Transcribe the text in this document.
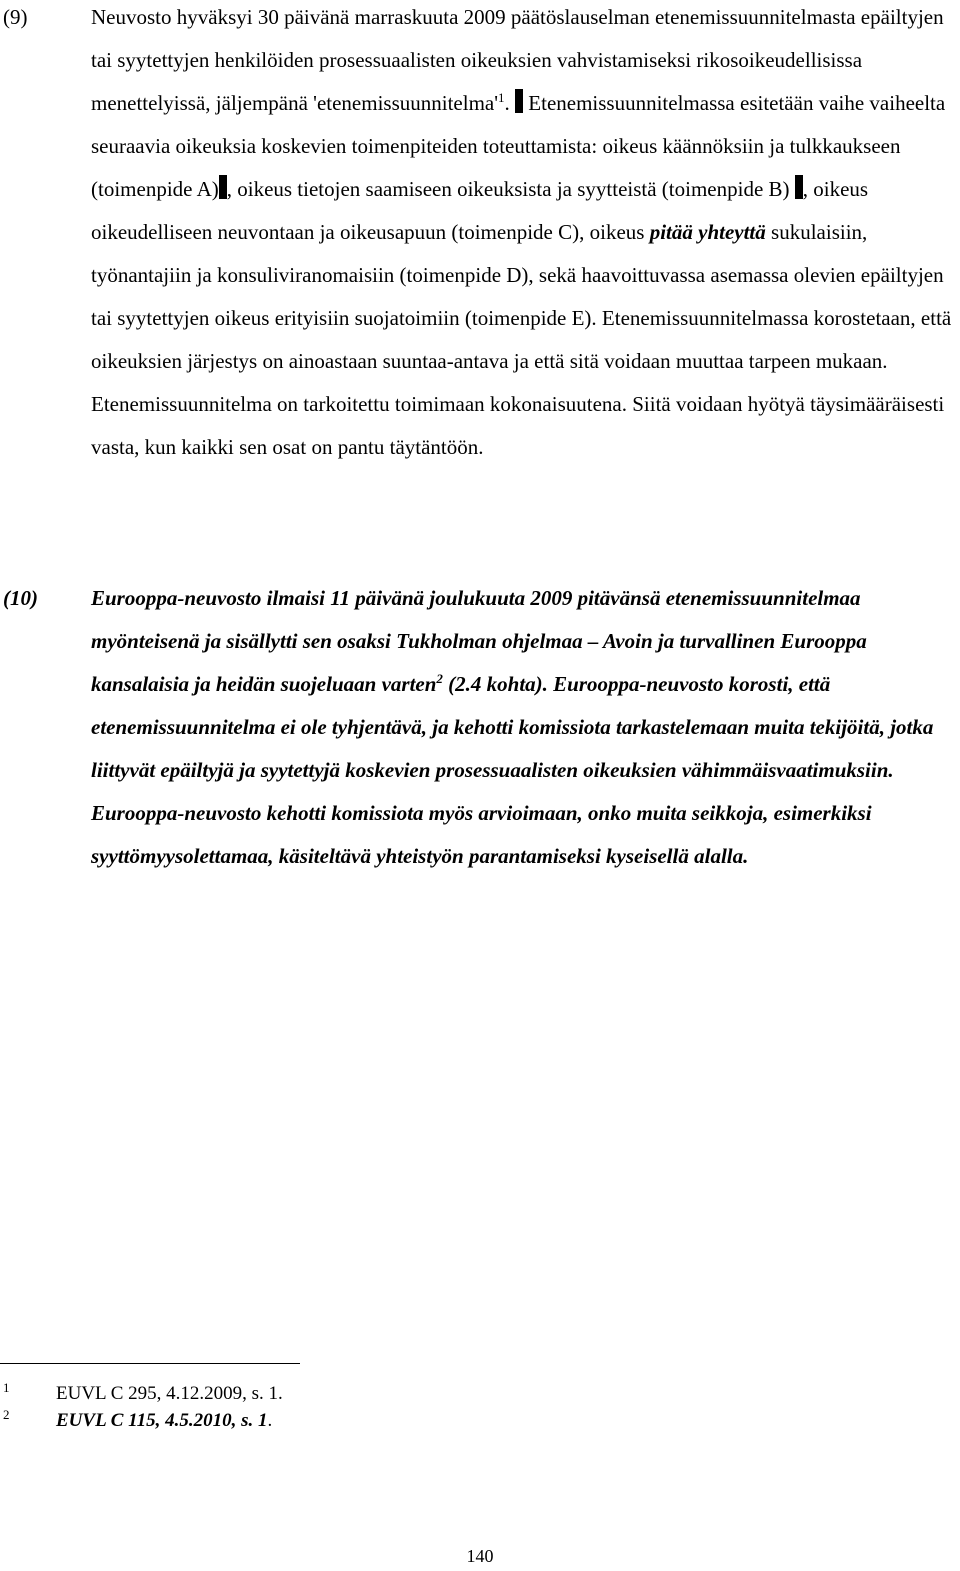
(9)	Neuvosto hyväksyi 30 päivänä marraskuuta 2009 päätöslauselman etenemissuunnitelmasta epäiltyjen tai syytettyjen henkilöiden prosessuaalisten oikeuksien vahvistamiseksi rikosoikeudellisissa menettelyissä, jäljempänä '$etenemissuunnitelma'^1$.  Etenemissuunnitelmassa esitetään vaihe vaiheelta seuraavia oikeuksia koskevien toimenpiteiden toteuttamista: oikeus käännöksiin ja tulkkaukseen (toimenpide A) , oikeus tietojen saamiseen oikeuksista ja syytteistä (toimenpide B) , oikeus oikeudelliseen neuvontaan ja oikeusapuun (toimenpide C), oikeus pitää yhteyttä sukulaisiin, työnantajiin ja konsuliviranomaisiin (toimenpide D), sekä haavoittuvassa asemassa olevien epäiltyjen tai syytettyjen oikeus erityisiin suojatoimiin (toimenpide E). Etenemissuunnitelmassa korostetaan, että oikeuksien järjestys on ainoastaan suuntaa-antava ja että sitä voidaan muuttaa tarpeen mukaan. Etenemissuunnitelma on tarkoitettu toimimaan kokonaisuutena. Siitä voidaan hyötyä täysimääräisesti vasta, kun kaikki sen osat on pantu täytäntöön.
(10)	Eurooppa-neuvosto ilmaisi 11 päivänä joulukuuta 2009 pitävänsä etenemissuunnitelmaa myönteisenä ja sisällytti sen osaksi Tukholman ohjelmaa – Avoin ja turvallinen Eurooppa kansalaisia ja heidän suojeluaan varten$^2$ (2.4 kohta). Eurooppa-neuvosto korosti, että etenemissuunnitelma ei ole tyhjentävä, ja kehotti komissiota tarkastelemaan muita tekijöitä, jotka liittyvät epäiltyjä ja syytettyjä koskevien prosessuaalisten oikeuksien vähimmäisvaatimuksiin. Eurooppa-neuvosto kehotti komissiota myös arvioimaan, onko muita seikkoja, esimerkiksi syyttömyysolettamaa, käsiteltävä yhteistyön parantamiseksi kyseisellä alalla.
1 EUVL C 295, 4.12.2009, s. 1.
2 EUVL C 115, 4.5.2010, s. 1.
140
